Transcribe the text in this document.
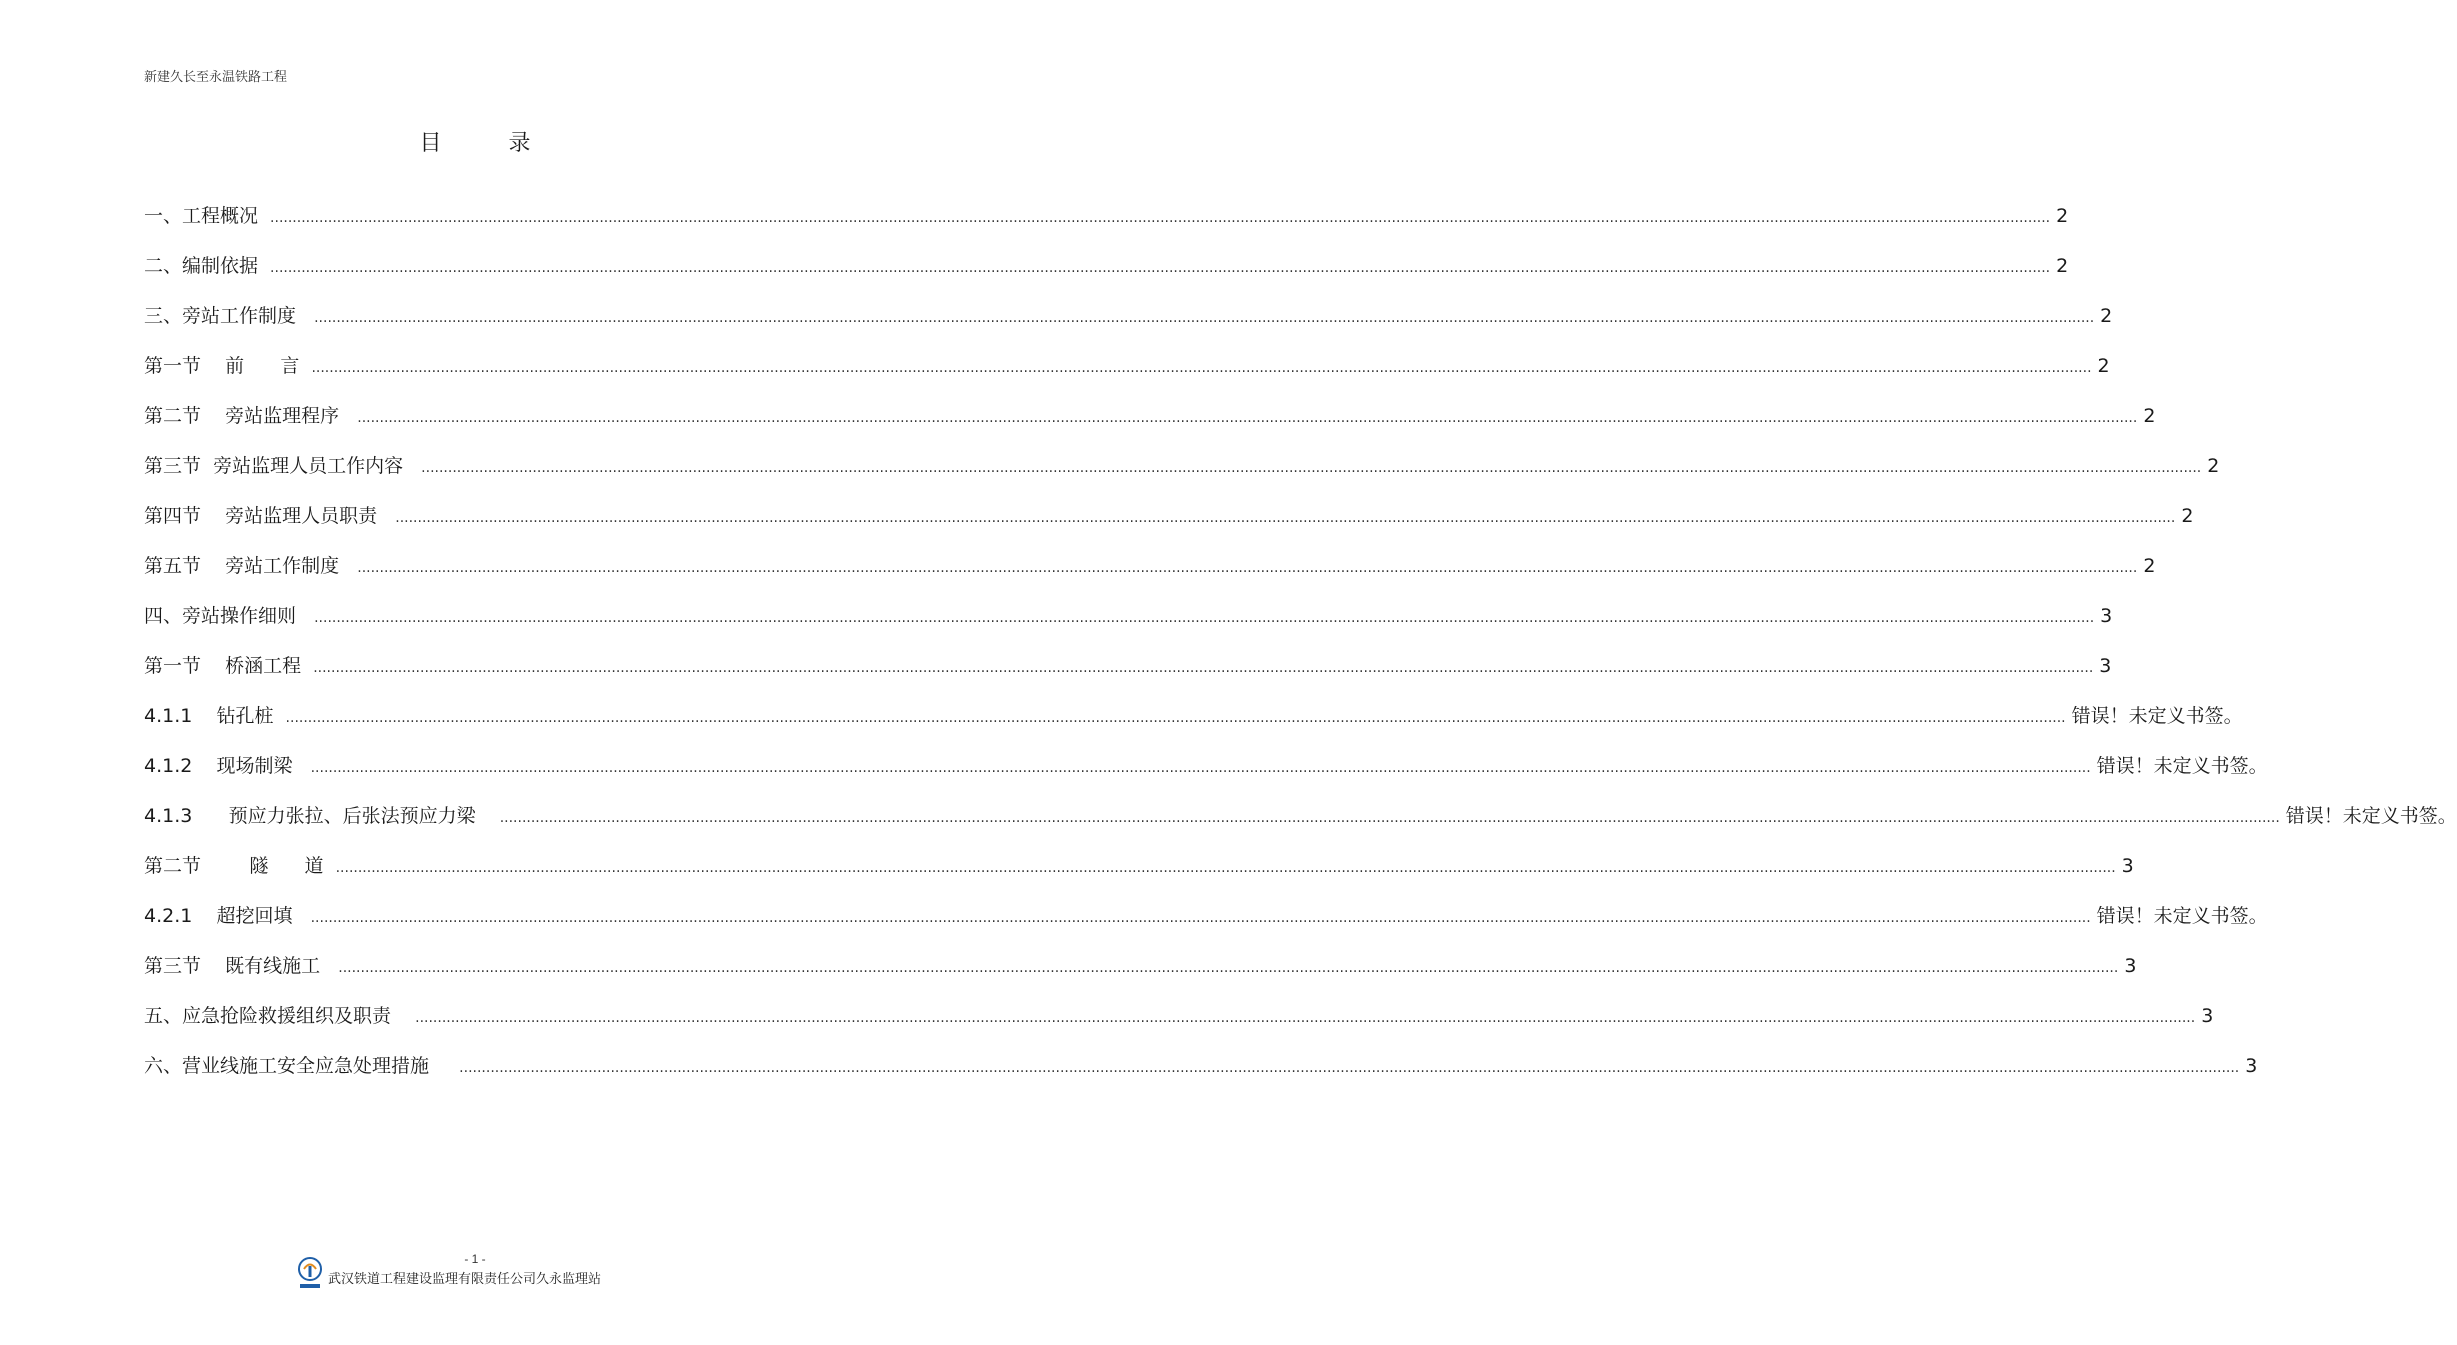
新建久长至永温铁路工程
目 录
一、工程概况 ................................................................................................................................................................................................................................................................................................................................................................................................................ 2
二、编制依据 ................................................................................................................................................................................................................................................................................................................................................................................................................ 2
三、旁站工作制度 ................................................................................................................................................................................................................................................................................................................................................................................................................ 2
第一节    前      言 ................................................................................................................................................................................................................................................................................................................................................................................................................ 2
第二节    旁站监理程序 ................................................................................................................................................................................................................................................................................................................................................................................................................ 2
第三节  旁站监理人员工作内容 ................................................................................................................................................................................................................................................................................................................................................................................................................ 2
第四节    旁站监理人员职责 ................................................................................................................................................................................................................................................................................................................................................................................................................ 2
第五节    旁站工作制度 ................................................................................................................................................................................................................................................................................................................................................................................................................ 2
四、旁站操作细则 ................................................................................................................................................................................................................................................................................................................................................................................................................ 3
第一节    桥涵工程 ................................................................................................................................................................................................................................................................................................................................................................................................................ 3
4.1.1    钻孔桩 ................................................................................................................................................................................................................................................................................................................................................................................................................ 错误！未定义书签。
4.1.2    现场制梁 ................................................................................................................................................................................................................................................................................................................................................................................................................ 错误！未定义书签。
4.1.3      预应力张拉、后张法预应力梁 ................................................................................................................................................................................................................................................................................................................................................................................................................ 错误！未定义书签。
第二节        隧      道 ................................................................................................................................................................................................................................................................................................................................................................................................................ 3
4.2.1    超挖回填 ................................................................................................................................................................................................................................................................................................................................................................................................................ 错误！未定义书签。
第三节    既有线施工 ................................................................................................................................................................................................................................................................................................................................................................................................................ 3
五、应急抢险救援组织及职责 ................................................................................................................................................................................................................................................................................................................................................................................................................ 3
六、营业线施工安全应急处理措施 ................................................................................................................................................................................................................................................................................................................................................................................................................ 3
- 1 -
武汉铁道工程建设监理有限责任公司久永监理站
